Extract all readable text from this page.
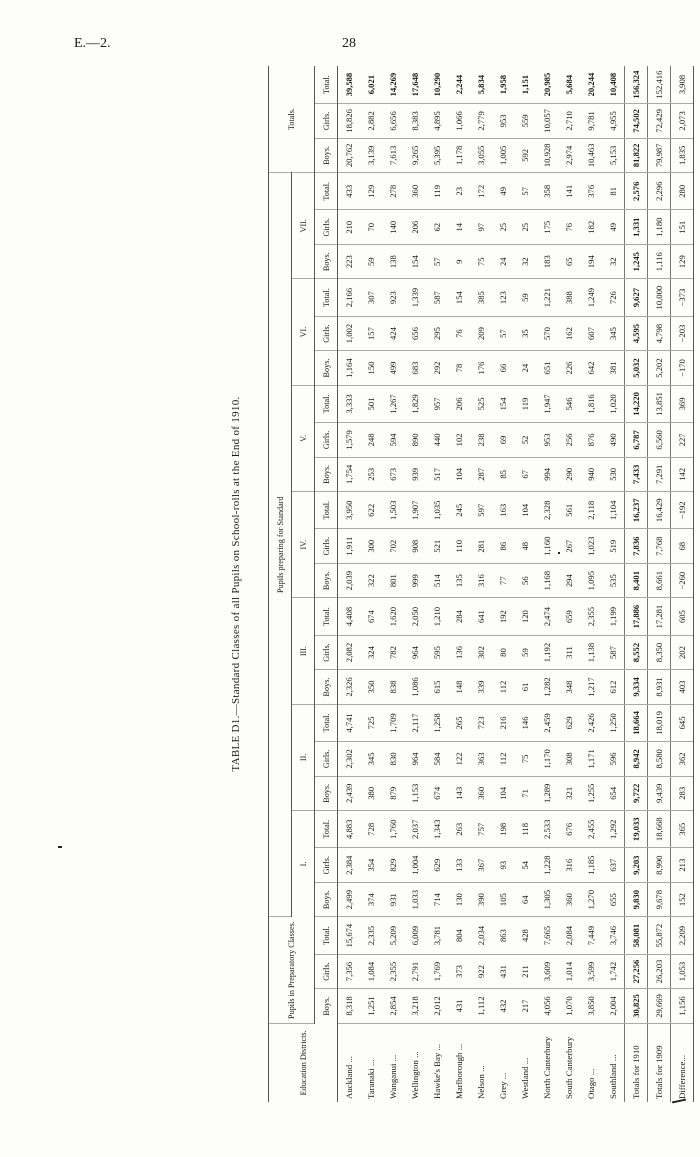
E.—2.	28
TABLE D1.—Standard Classes of all Pupils on School-rolls at the End of 1910.
Education Districts.	Pupils in Preparatory Classes.			Pupils preparing for Standard																					Totals.		
				I.			II.			III.			IV.			V.			VI.			VII.					
	Boys.	Girls.	Total.	Boys.	Girls.	Total.	Boys.	Girls.	Total.	Boys.	Girls.	Total.	Boys.	Girls.	Total.	Boys.	Girls.	Total.	Boys.	Girls.	Total.	Boys.	Girls.	Total.	Boys.	Girls.	Total.
Auckland ...	8,318	7,356	15,674	2,499	2,384	4,883	2,439	2,302	4,741	2,326	2,082	4,408	2,039	1,911	3,950	1,754	1,579	3,333	1,164	1,002	2,166	223	210	433	20,762	18,826	39,588
Taranaki ...	1,251	1,084	2,335	374	354	728	380	345	725	350	324	674	322	300	622	253	248	501	150	157	307	59	70	129	3,139	2,882	6,021
Wanganui ...	2,854	2,355	5,209	931	829	1,760	879	830	1,709	838	782	1,620	801	702	1,503	673	594	1,267	499	424	923	138	140	278	7,613	6,656	14,269
Wellington ...	3,218	2,791	6,009	1,033	1,004	2,037	1,153	964	2,117	1,086	964	2,050	999	908	1,907	939	890	1,829	683	656	1,339	154	206	360	9,265	8,383	17,648
Hawke's Bay ...	2,012	1,769	3,781	714	629	1,343	674	584	1,258	615	595	1,210	514	521	1,035	517	440	957	292	295	587	57	62	119	5,395	4,895	10,290
Marlborough ...	431	373	804	130	133	263	143	122	265	148	136	284	135	110	245	104	102	206	78	76	154	9	14	23	1,178	1,066	2,244
Nelson ...	1,112	922	2,034	390	367	757	360	363	723	339	302	641	316	281	597	287	238	525	176	209	385	75	97	172	3,055	2,779	5,834
Grey ...	432	431	863	105	93	198	104	112	216	112	80	192	77	86	163	85	69	154	66	57	123	24	25	49	1,005	953	1,958
Westland ...	217	211	428	64	54	118	71	75	146	61	59	120	56	48	104	67	52	119	24	35	59	32	25	57	592	559	1,151
North Canterbury	4,056	3,609	7,665	1,305	1,228	2,533	1,289	1,170	2,459	1,282	1,192	2,474	1,168	1,160	2,328	994	953	1,947	651	570	1,221	183	175	358	10,928	10,057	20,985
South Canterbury	1,070	1,014	2,084	360	316	676	321	308	629	348	311	659	294	267	561	290	256	546	226	162	388	65	76	141	2,974	2,710	5,684
Otago ...	3,850	3,599	7,449	1,270	1,185	2,455	1,255	1,171	2,426	1,217	1,138	2,355	1,095	1,023	2,118	940	876	1,816	642	607	1,249	194	182	376	10,463	9,781	20,244
Southland ...	2,004	1,742	3,746	655	637	1,292	654	596	1,250	612	587	1,199	535	519	1,104	530	490	1,020	381	345	726	32	49	81	5,153	4,955	10,408
Totals for 1910	30,825	27,256	58,081	9,830	9,203	19,033	9,722	8,942	18,664	9,334	8,552	17,886	8,401	7,836	16,237	7,433	6,787	14,220	5,032	4,595	9,627	1,245	1,331	2,576	81,822	74,502	156,324
Totals for 1909	29,669	26,203	55,872	9,678	8,990	18,668	9,439	8,580	18,019	8,931	8,350	17,281	8,661	7,768	16,429	7,291	6,560	13,851	5,202	4,798	10,000	1,116	1,180	2,296	79,987	72,429	152,416
Difference...	1,156	1,053	2,209	152	213	365	283	362	645	403	202	605	−260	68	−192	142	227	369	−170	−203	−373	129	151	280	1,835	2,073	3,908
